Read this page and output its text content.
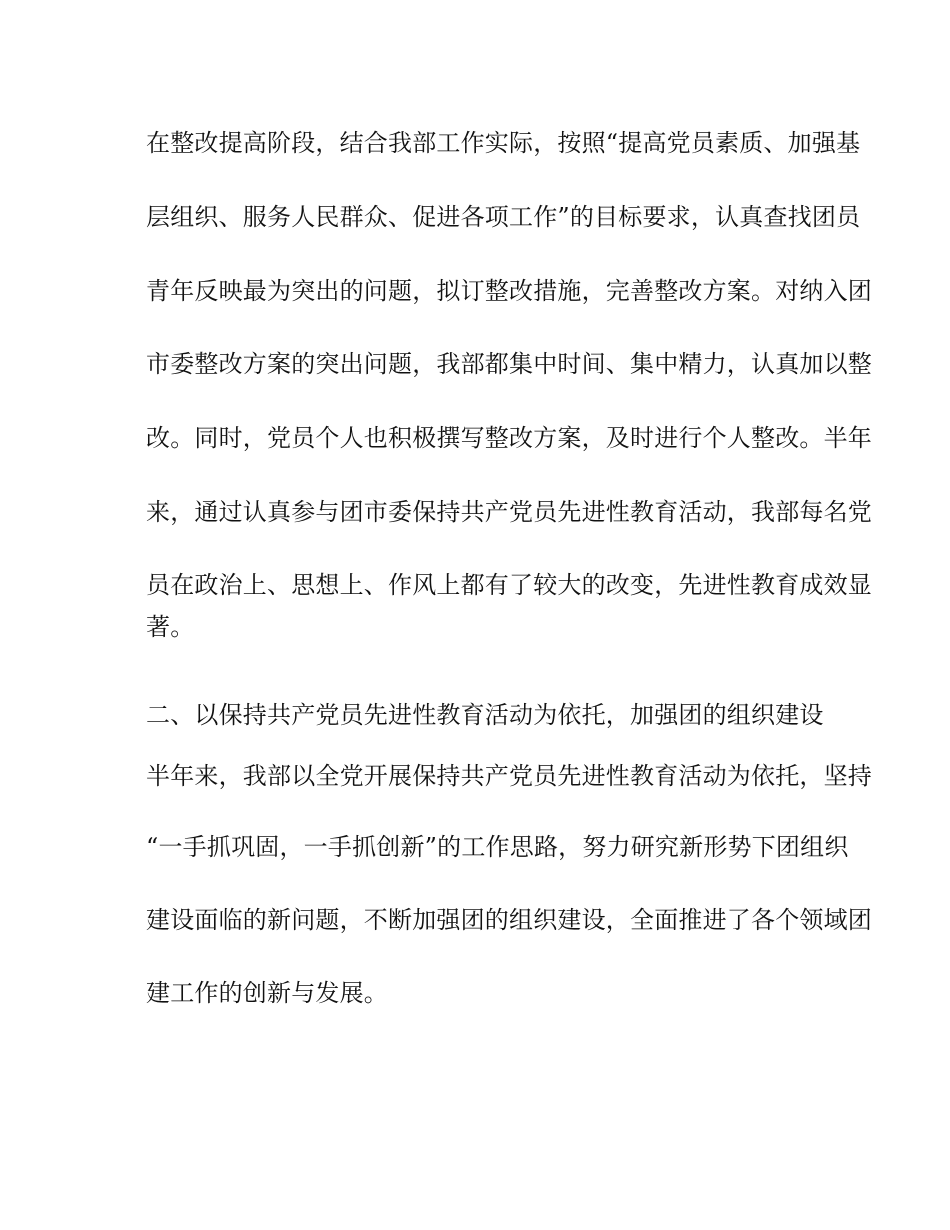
在整改提高阶段，结合我部工作实际，按照“提高党员素质、加强基
层组织、服务人民群众、促进各项工作”的目标要求，认真查找团员
青年反映最为突出的问题，拟订整改措施，完善整改方案。对纳入团
市委整改方案的突出问题，我部都集中时间、集中精力，认真加以整
改。同时，党员个人也积极撰写整改方案，及时进行个人整改。半年
来，通过认真参与团市委保持共产党员先进性教育活动，我部每名党
员在政治上、思想上、作风上都有了较大的改变，先进性教育成效显
著。
二、以保持共产党员先进性教育活动为依托，加强团的组织建设
半年来，我部以全党开展保持共产党员先进性教育活动为依托，坚持
“一手抓巩固，一手抓创新”的工作思路，努力研究新形势下团组织
建设面临的新问题，不断加强团的组织建设，全面推进了各个领域团
建工作的创新与发展。
